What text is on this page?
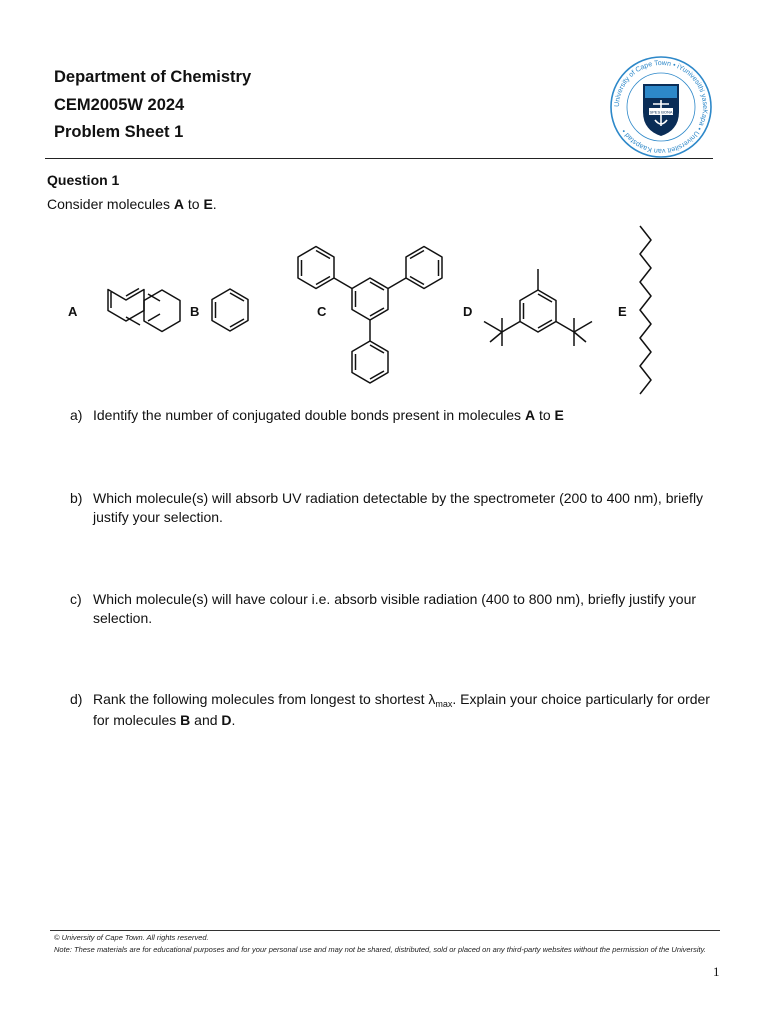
Department of Chemistry
CEM2005W 2024
Problem Sheet 1
University of Cape Town • iYunivesithi yaseKapa • Universiteit van Kaapstad •
SPES BONA
Question 1
Consider molecules A to E.
A	B	C	D	E
a) Identify the number of conjugated double bonds present in molecules A to E
b) Which molecule(s) will absorb UV radiation detectable by the spectrometer (200 to 400 nm), briefly justify your selection.
c) Which molecule(s) will have colour i.e. absorb visible radiation (400 to 800 nm), briefly justify your selection.
d) Rank the following molecules from longest to shortest $\lambda_{max}$. Explain your choice particularly for order for molecules B and D.
© University of Cape Town. All rights reserved.
Note: These materials are for educational purposes and for your personal use and may not be shared, distributed, sold or placed on any third-party websites without the permission of the University.
1
